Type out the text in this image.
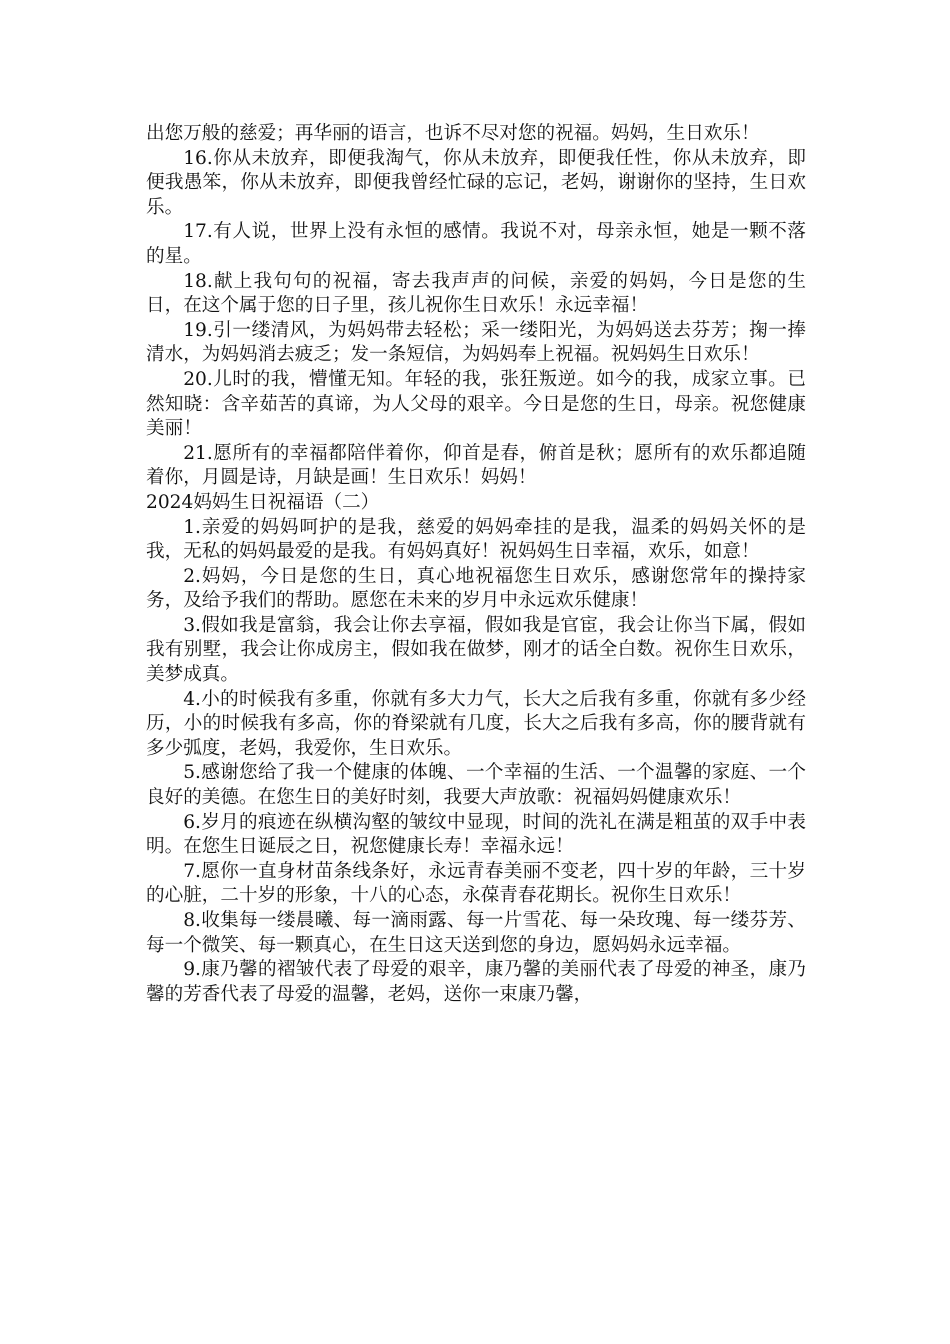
出您万般的慈爱；再华丽的语言，也诉不尽对您的祝福。妈妈，生日欢乐！

16.你从未放弃，即便我淘气，你从未放弃，即便我任性，你从未放弃，即便我愚笨，你从未放弃，即便我曾经忙碌的忘记，老妈，谢谢你的坚持，生日欢乐。

17.有人说，世界上没有永恒的感情。我说不对，母亲永恒，她是一颗不落的星。

18.献上我句句的祝福，寄去我声声的问候，亲爱的妈妈，今日是您的生日，在这个属于您的日子里，孩儿祝你生日欢乐！永远幸福！

19.引一缕清风，为妈妈带去轻松；采一缕阳光，为妈妈送去芬芳；掬一捧清水，为妈妈消去疲乏；发一条短信，为妈妈奉上祝福。祝妈妈生日欢乐！

20.儿时的我，懵懂无知。年轻的我，张狂叛逆。如今的我，成家立事。已然知晓：含辛茹苦的真谛，为人父母的艰辛。今日是您的生日，母亲。祝您健康美丽！

21.愿所有的幸福都陪伴着你，仰首是春，俯首是秋；愿所有的欢乐都追随着你，月圆是诗，月缺是画！生日欢乐！妈妈！

2024妈妈生日祝福语（二）

1.亲爱的妈妈呵护的是我，慈爱的妈妈牵挂的是我，温柔的妈妈关怀的是我，无私的妈妈最爱的是我。有妈妈真好！祝妈妈生日幸福，欢乐，如意！

2.妈妈，今日是您的生日，真心地祝福您生日欢乐，感谢您常年的操持家务，及给予我们的帮助。愿您在未来的岁月中永远欢乐健康！

3.假如我是富翁，我会让你去享福，假如我是官宦，我会让你当下属，假如我有别墅，我会让你成房主，假如我在做梦，刚才的话全白数。祝你生日欢乐，美梦成真。

4.小的时候我有多重，你就有多大力气，长大之后我有多重，你就有多少经历，小的时候我有多高，你的脊梁就有几度，长大之后我有多高，你的腰背就有多少弧度，老妈，我爱你，生日欢乐。

5.感谢您给了我一个健康的体魄、一个幸福的生活、一个温馨的家庭、一个良好的美德。在您生日的美好时刻，我要大声放歌：祝福妈妈健康欢乐！

6.岁月的痕迹在纵横沟壑的皱纹中显现，时间的洗礼在满是粗茧的双手中表明。在您生日诞辰之日，祝您健康长寿！幸福永远！

7.愿你一直身材苗条线条好，永远青春美丽不变老，四十岁的年龄，三十岁的心脏，二十岁的形象，十八的心态，永葆青春花期长。祝你生日欢乐！

8.收集每一缕晨曦、每一滴雨露、每一片雪花、每一朵玫瑰、每一缕芬芳、每一个微笑、每一颗真心，在生日这天送到您的身边，愿妈妈永远幸福。

9.康乃馨的褶皱代表了母爱的艰辛，康乃馨的美丽代表了母爱的神圣，康乃馨的芳香代表了母爱的温馨，老妈，送你一束康乃馨，
